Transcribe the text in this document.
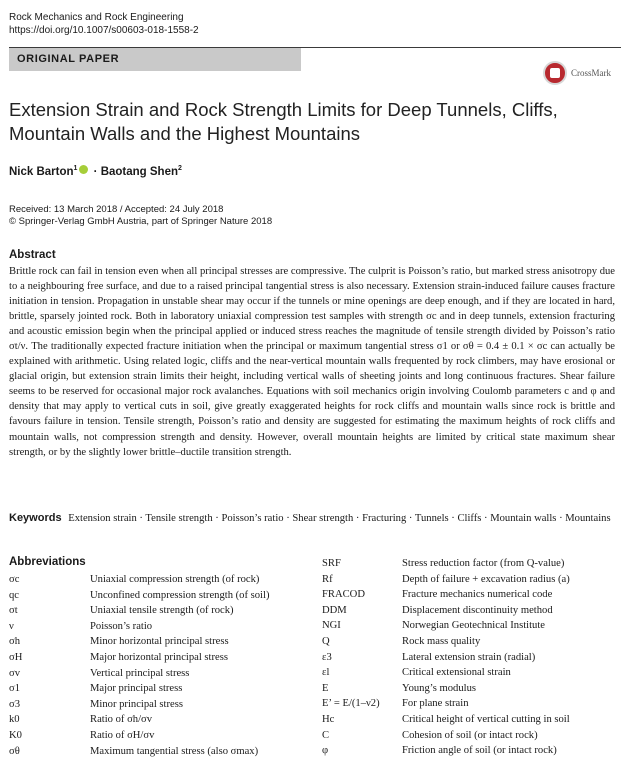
Rock Mechanics and Rock Engineering
https://doi.org/10.1007/s00603-018-1558-2
ORIGINAL PAPER
CrossMark
Extension Strain and Rock Strength Limits for Deep Tunnels, Cliffs, Mountain Walls and the Highest Mountains
Nick Barton$^1$ · Baotang Shen$^2$
Received: 13 March 2018 / Accepted: 24 July 2018
© Springer-Verlag GmbH Austria, part of Springer Nature 2018
Abstract
Brittle rock can fail in tension even when all principal stresses are compressive. The culprit is Poisson’s ratio, but marked stress anisotropy due to a neighbouring free surface, and due to a raised principal tangential stress is also necessary. Extension strain-induced failure causes fracture initiation in tension. Propagation in unstable shear may occur if the tunnels or mine openings are deep enough, and if they are located in hard, brittle, sparsely jointed rock. Both in laboratory uniaxial compression test samples with strength σc and in deep tunnels, extension fracturing and acoustic emission begin when the principal applied or induced stress reaches the magnitude of tensile strength divided by Poisson’s ratio σt/ν. The traditionally expected fracture initiation when the principal or maximum tangential stress σ1 or σθ = 0.4 ± 0.1 × σc can actually be explained with arithmetic. Using related logic, cliffs and the near-vertical mountain walls frequented by rock climbers, may have erosional or glacial origin, but extension strain limits their height, including vertical walls of sheeting joints and long continuous fractures. Shear failure seems to be reserved for occasional major rock avalanches. Equations with soil mechanics origin involving Coulomb parameters c and φ and density that may apply to vertical cuts in soil, give greatly exaggerated heights for rock cliffs and mountain walls since rock is brittle and favours failure in tension. Tensile strength, Poisson’s ratio and density are suggested for estimating the maximum heights of rock cliffs and mountain walls, not compression strength and density. However, overall mountain heights are limited by critical state maximum shear strength, or by the slightly lower brittle–ductile transition strength.
Keywords Extension strain · Tensile strength · Poisson’s ratio · Shear strength · Fracturing · Tunnels · Cliffs · Mountain walls · Mountains
Abbreviations
σc	Uniaxial compression strength (of rock)
qc	Unconfined compression strength (of soil)
σt	Uniaxial tensile strength (of rock)
ν	Poisson’s ratio
σh	Minor horizontal principal stress
σH	Major horizontal principal stress
σv	Vertical principal stress
σ1	Major principal stress
σ3	Minor principal stress
k0	Ratio of σh/σv
K0	Ratio of σH/σv
σθ	Maximum tangential stress (also σmax)
SRF	Stress reduction factor (from Q-value)
Rf	Depth of failure + excavation radius (a)
FRACOD	Fracture mechanics numerical code
DDM	Displacement discontinuity method
NGI	Norwegian Geotechnical Institute
Q	Rock mass quality
ε3	Lateral extension strain (radial)
εl	Critical extensional strain
E	Young’s modulus
E’ = E/(1–ν2)	For plane strain
Hc	Critical height of vertical cutting in soil
C	Cohesion of soil (or intact rock)
φ	Friction angle of soil (or intact rock)
